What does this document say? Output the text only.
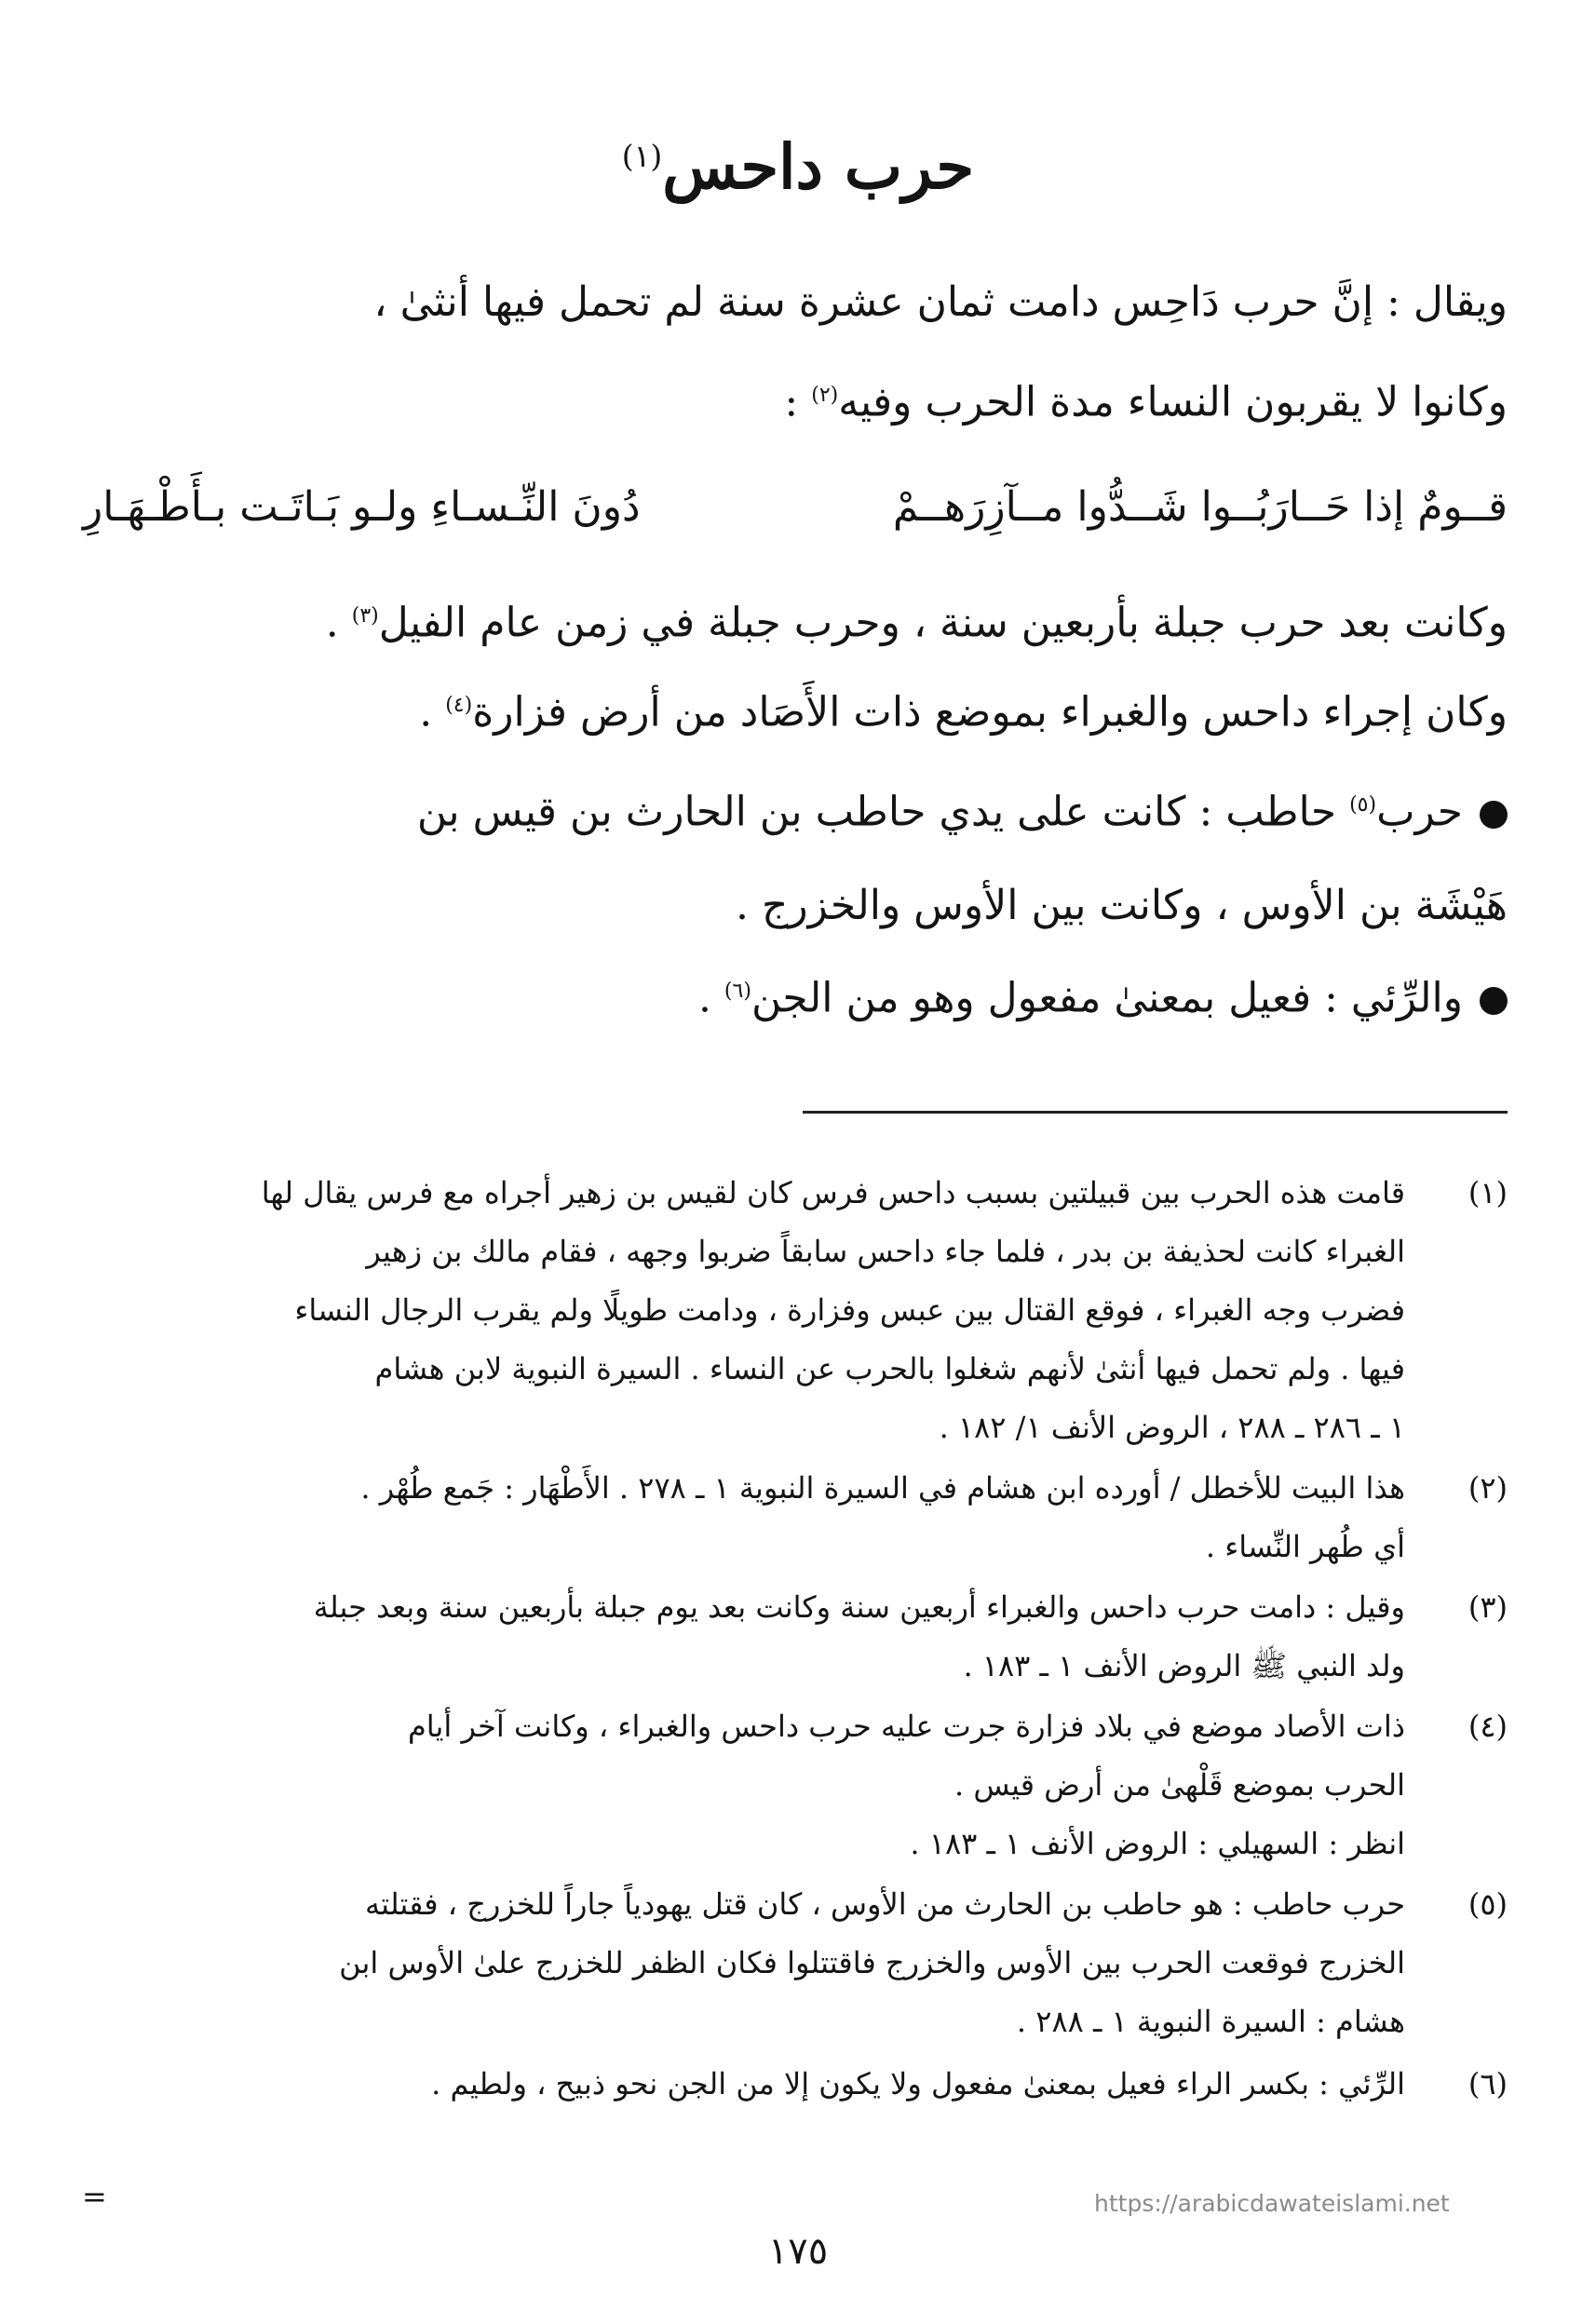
حرب داحس$^{(١)}$
ويقال : إنَّ حرب دَاحِس دامت ثمان عشرة سنة لم تحمل فيها أنثىٰ ،
وكانوا لا يقربون النساء مدة الحرب وفيه$^{(٢)}$ :
قــومٌ إذا حَــارَبُــوا شَــدُّوا مــآزِرَهــمْ
دُونَ النِّـسـاءِ ولـو بَـاتَـت بـأَطْـهَـارِ
وكانت بعد حرب جبلة بأربعين سنة ، وحرب جبلة في زمن عام الفيل$^{(٣)}$ .
وكان إجراء داحس والغبراء بموضع ذات الأَصَاد من أرض فزارة$^{(٤)}$ .
حرب$^{(٥)}$ حاطب : كانت على يدي حاطب بن الحارث بن قيس بن
هَيْشَة بن الأوس ، وكانت بين الأوس والخزرج .
والرِّئي : فعيل بمعنىٰ مفعول وهو من الجن$^{(٦)}$ .
(١)
قامت هذه الحرب بين قبيلتين بسبب داحس فرس كان لقيس بن زهير أجراه مع فرس يقال لها
الغبراء كانت لحذيفة بن بدر ، فلما جاء داحس سابقاً ضربوا وجهه ، فقام مالك بن زهير
فضرب وجه الغبراء ، فوقع القتال بين عبس وفزارة ، ودامت طويلًا ولم يقرب الرجال النساء
فيها . ولم تحمل فيها أنثىٰ لأنهم شغلوا بالحرب عن النساء . السيرة النبوية لابن هشام
١ ـ ٢٨٦ ـ ٢٨٨ ، الروض الأنف ١/ ١٨٢ .
(٢)
هذا البيت للأخطل / أورده ابن هشام في السيرة النبوية ١ ـ ٢٧٨ . الأَطْهَار : جَمع طُهْر .
أي طُهر النِّساء .
(٣)
وقيل : دامت حرب داحس والغبراء أربعين سنة وكانت بعد يوم جبلة بأربعين سنة وبعد جبلة
ولد النبي ﷺ الروض الأنف ١ ـ ١٨٣ .
(٤)
ذات الأصاد موضع في بلاد فزارة جرت عليه حرب داحس والغبراء ، وكانت آخر أيام
الحرب بموضع قَلْهىٰ من أرض قيس .
انظر : السهيلي : الروض الأنف ١ ـ ١٨٣ .
(٥)
حرب حاطب : هو حاطب بن الحارث من الأوس ، كان قتل يهودياً جاراً للخزرج ، فقتلته
الخزرج فوقعت الحرب بين الأوس والخزرج فاقتتلوا فكان الظفر للخزرج علىٰ الأوس ابن
هشام : السيرة النبوية ١ ـ ٢٨٨ .
(٦)
الرِّئي : بكسر الراء فعيل بمعنىٰ مفعول ولا يكون إلا من الجن نحو ذبيح ، ولطيم .
=	https://arabicdawateislami.net
١٧٥
